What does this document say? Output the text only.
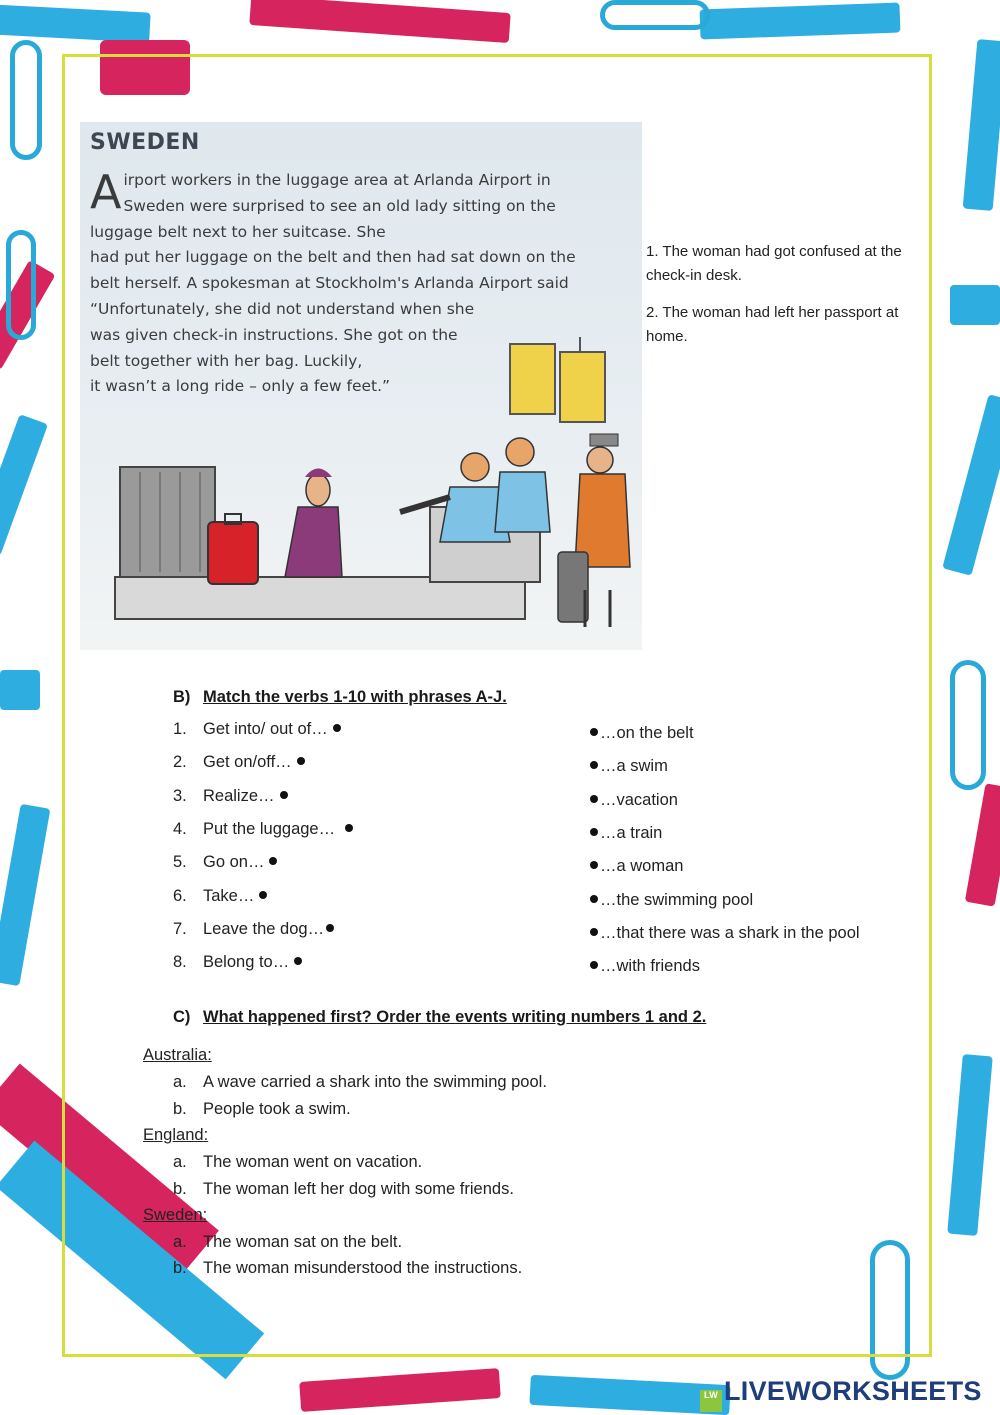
SWEDEN
Airport workers in the luggage area at Arlanda Airport in
Sweden were surprised to see an old lady sitting on the
luggage belt next to her suitcase. She
had put her luggage on the belt and then had sat down on the
belt herself. A spokesman at Stockholm's Arlanda Airport said
“Unfortunately, she did not understand when she
was given check-in instructions. She got on the
belt together with her bag. Luckily,
it wasn’t a long ride – only a few feet.”

1. The woman had got confused at the check-in desk.

2. The woman had left her passport at home.

B) Match the verbs 1-10 with phrases A-J.
1. Get into/ out of…
2. Get on/off…
3. Realize…
4. Put the luggage…
5. Go on…
6. Take…
7. Leave the dog…
8. Belong to…
…on the belt
…a swim
…vacation
…a train
…a woman
…the swimming pool
…that there was a shark in the pool
…with friends
C) What happened first? Order the events writing numbers 1 and 2.
Australia:
a. A wave carried a shark into the swimming pool.
b. People took a swim.
England:
a. The woman went on vacation.
b. The woman left her dog with some friends.
Sweden:
a. The woman sat on the belt.
b. The woman misunderstood the instructions.
LW LIVEWORKSHEETS
